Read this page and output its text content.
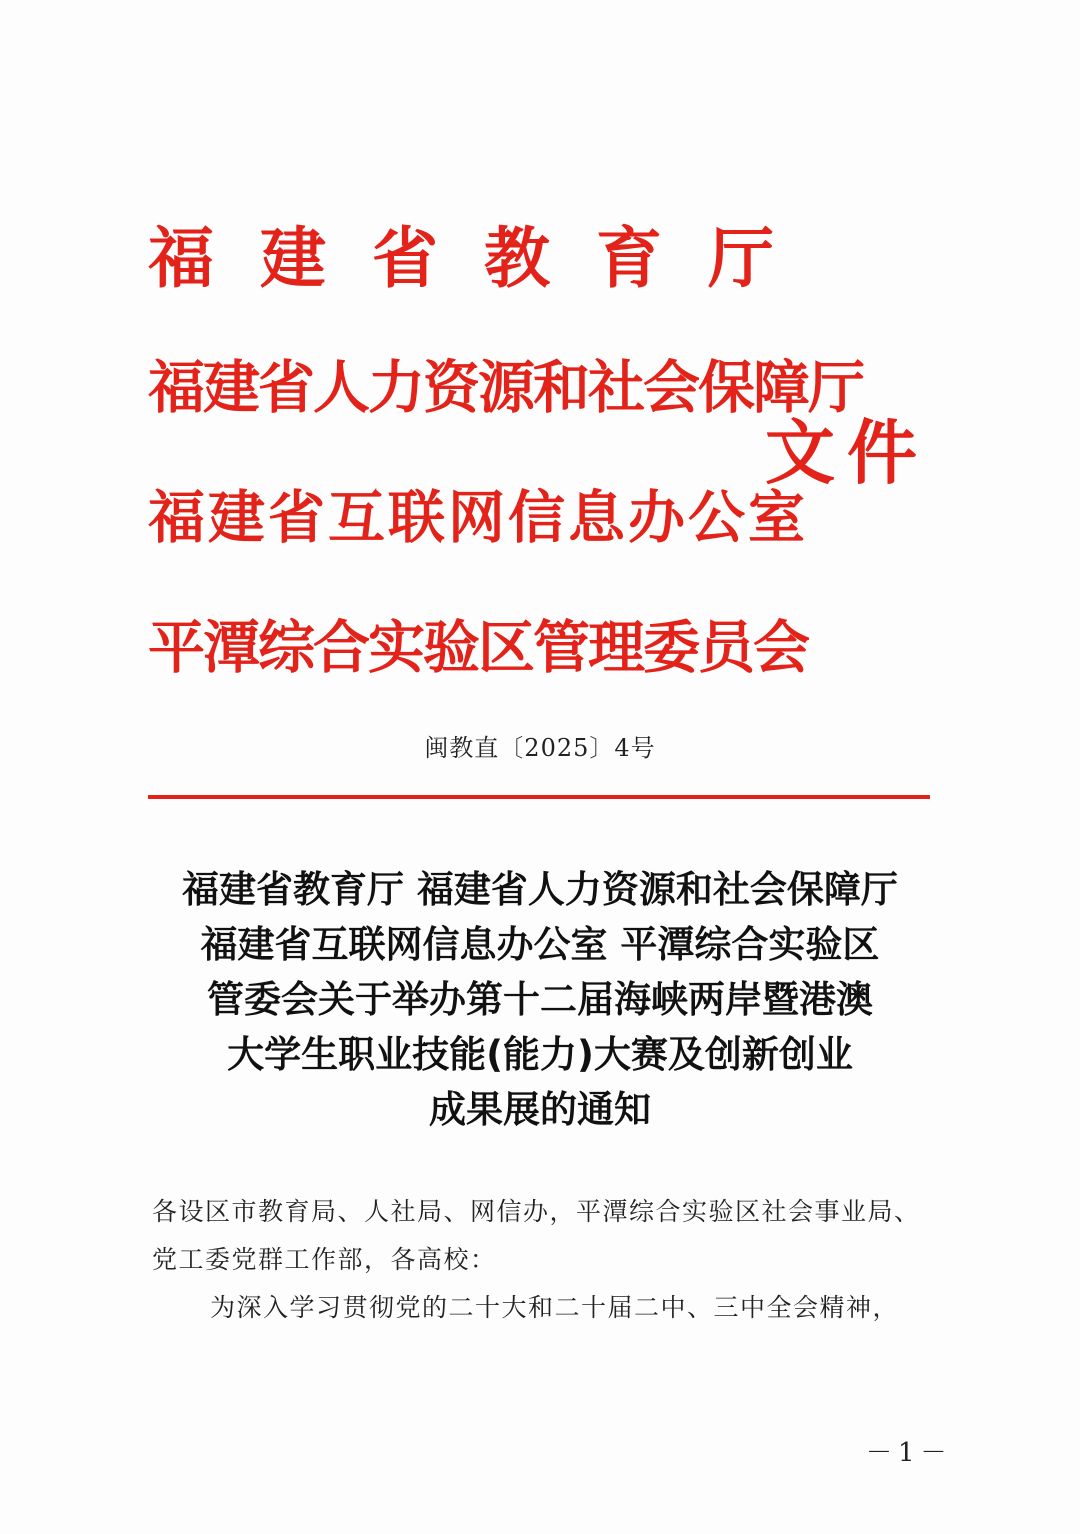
福建省教育厅
福建省人力资源和社会保障厅
福建省互联网信息办公室
平潭综合实验区管理委员会
文件
闽教直〔2025〕4号
福建省教育厅 福建省人力资源和社会保障厅
福建省互联网信息办公室 平潭综合实验区
管委会关于举办第十二届海峡两岸暨港澳
大学生职业技能(能力)大赛及创新创业
成果展的通知
各设区市教育局、人社局、网信办，平潭综合实验区社会事业局、
党工委党群工作部，各高校：
为深入学习贯彻党的二十大和二十届二中、三中全会精神，
－1－
